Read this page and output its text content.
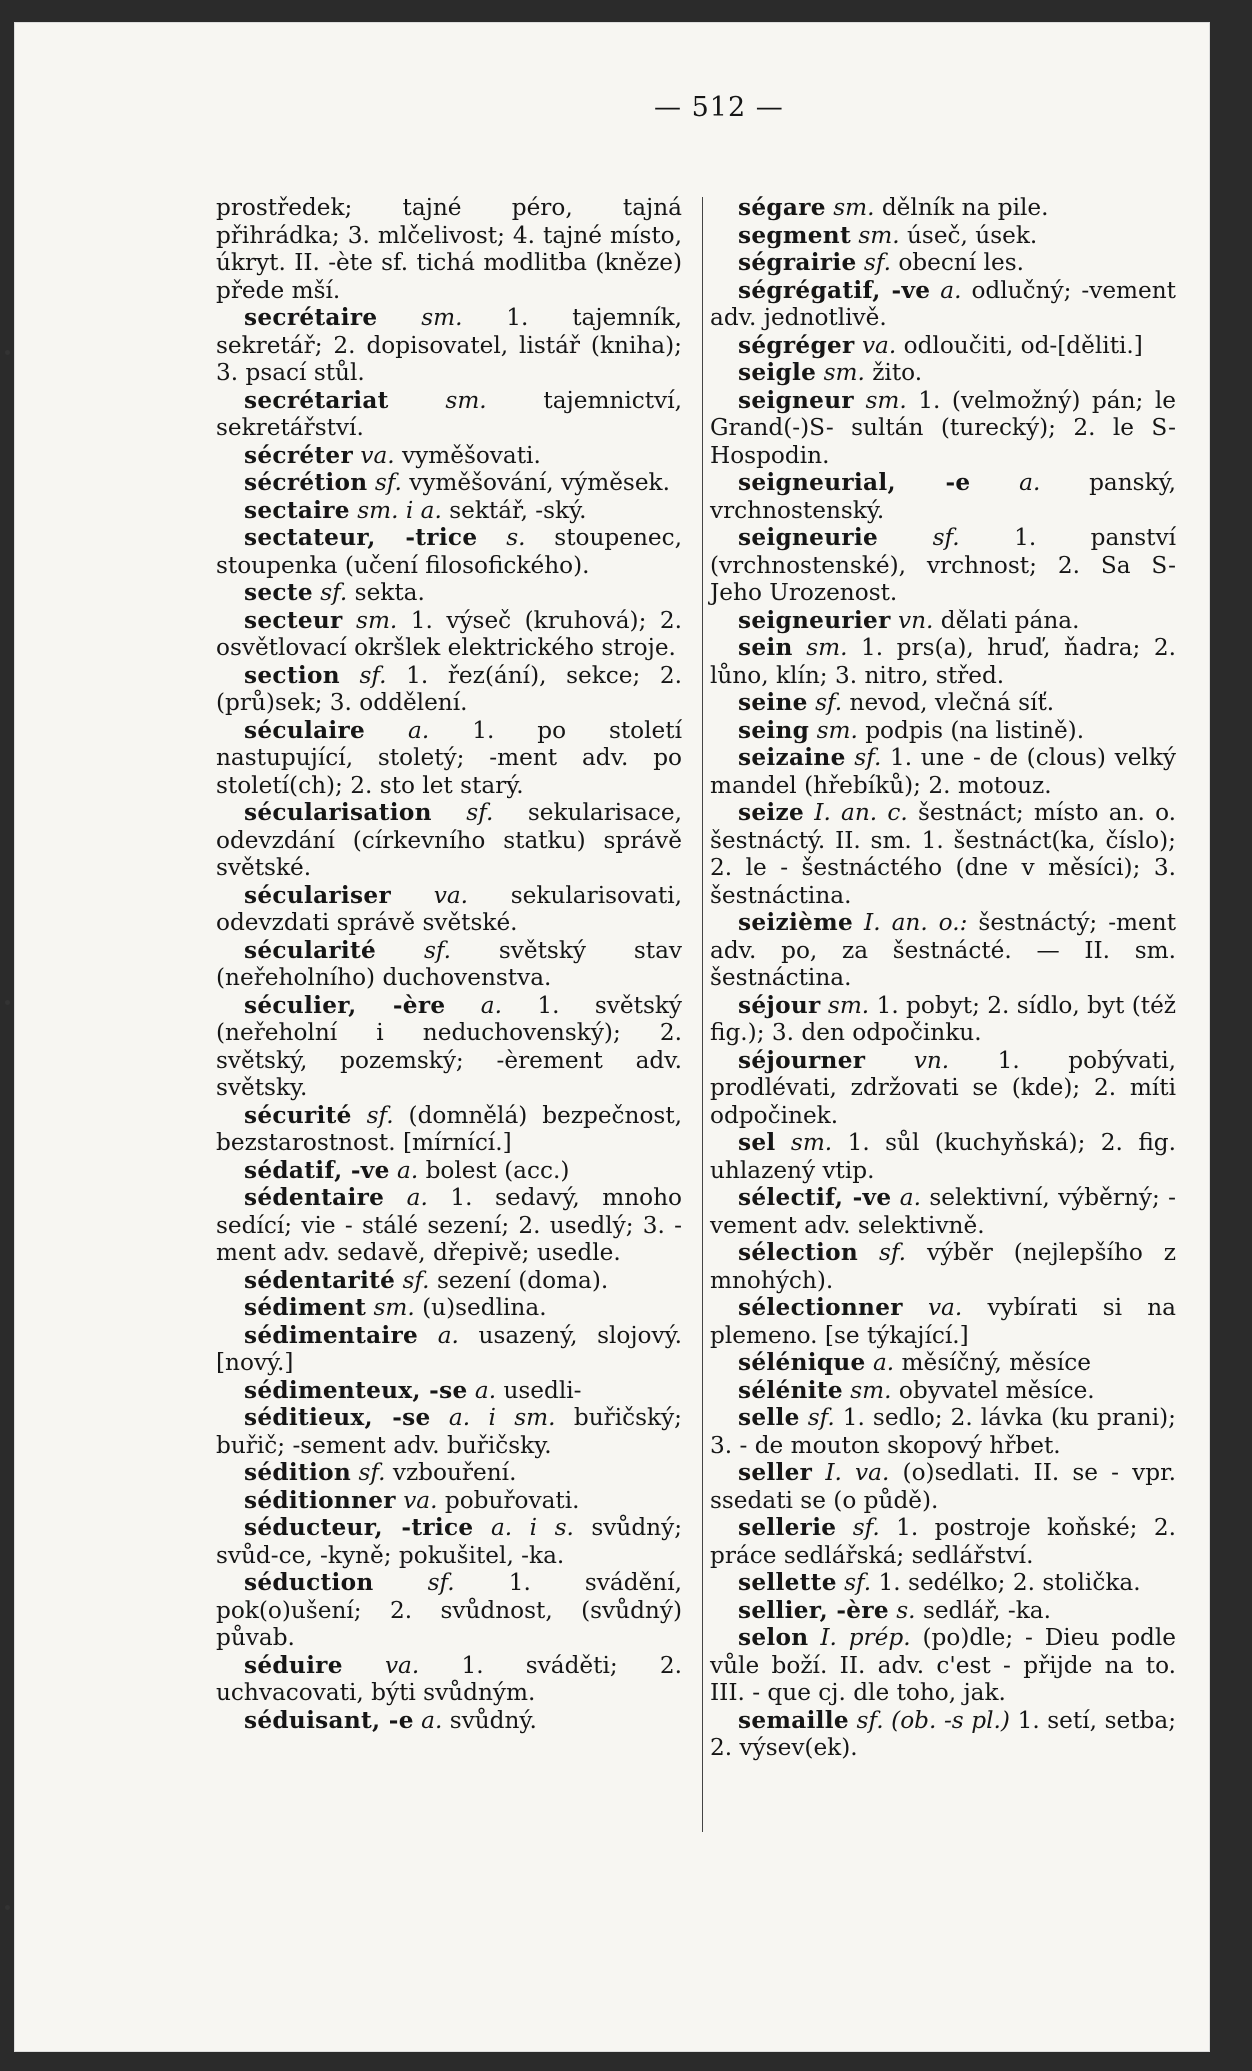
— 512 —

prostředek; tajné péro, tajná přihrádka; 3. mlčelivost; 4. tajné místo, úkryt. II. -ète sf. tichá modlitba (kněze) přede mší.

secrétaire sm. 1. tajemník, sekretář; 2. dopisovatel, listář (kniha); 3. psací stůl.

secrétariat sm. tajemnictví, sekretářství.

sécréter va. vyměšovati.

sécrétion sf. vyměšování, výměsek.

sectaire sm. i a. sektář, -ský.

sectateur, -trice s. stoupenec, stoupenka (učení filosofického).

secte sf. sekta.

secteur sm. 1. výseč (kruhová); 2. osvětlovací okršlek elektrického stroje.

section sf. 1. řez(ání), sekce; 2. (prů)sek; 3. oddělení.

séculaire a. 1. po století nastupující, stoletý; -ment adv. po století(ch); 2. sto let starý.

sécularisation sf. sekularisace, odevzdání (církevního statku) správě světské.

séculariser va. sekularisovati, odevzdati správě světské.

sécularité sf. světský stav (neřeholního) duchovenstva.

séculier, -ère a. 1. světský (neřeholní i neduchovenský); 2. světský, pozemský; -èrement adv. světsky.

sécurité sf. (domnělá) bezpečnost, bezstarostnost. [mírnící.]

sédatif, -ve a. bolest (acc.)

sédentaire a. 1. sedavý, mnoho sedící; vie - stálé sezení; 2. usedlý; 3. -ment adv. sedavě, dřepivě; usedle.

sédentarité sf. sezení (doma).

sédiment sm. (u)sedlina.

sédimentaire a. usazený, slojový. [nový.]

sédimenteux, -se a. usedli-

séditieux, -se a. i sm. buřičský; buřič; -sement adv. buřičsky.

sédition sf. vzbouření.

séditionner va. pobuřovati.

séducteur, -trice a. i s. svůdný; svůd-ce, -kyně; pokušitel, -ka.

séduction sf. 1. svádění, pok(o)ušení; 2. svůdnost, (svůdný) půvab.

séduire va. 1. sváděti; 2. uchvacovati, býti svůdným.

séduisant, -e a. svůdný.

ségare sm. dělník na pile.

segment sm. úseč, úsek.

ségrairie sf. obecní les.

ségrégatif, -ve a. odlučný; -vement adv. jednotlivě.

ségréger va. odloučiti, od-[děliti.]

seigle sm. žito.

seigneur sm. 1. (velmožný) pán; le Grand(-)S- sultán (turecký); 2. le S- Hospodin.

seigneurial, -e a. panský, vrchnostenský.

seigneurie sf. 1. panství (vrchnostenské), vrchnost; 2. Sa S- Jeho Urozenost.

seigneurier vn. dělati pána.

sein sm. 1. prs(a), hruď, ňadra; 2. lůno, klín; 3. nitro, střed.

seine sf. nevod, vlečná síť.

seing sm. podpis (na listině).

seizaine sf. 1. une - de (clous) velký mandel (hřebíků); 2. motouz.

seize I. an. c. šestnáct; místo an. o. šestnáctý. II. sm. 1. šestnáct(ka, číslo); 2. le - šestnáctého (dne v měsíci); 3. šestnáctina.

seizième I. an. o.: šestnáctý; -ment adv. po, za šestnácté. — II. sm. šestnáctina.

séjour sm. 1. pobyt; 2. sídlo, byt (též fig.); 3. den odpočinku.

séjourner vn. 1. pobývati, prodlévati, zdržovati se (kde); 2. míti odpočinek.

sel sm. 1. sůl (kuchyňská); 2. fig. uhlazený vtip.

sélectif, -ve a. selektivní, výběrný; -vement adv. selektivně.

sélection sf. výběr (nejlepšího z mnohých).

sélectionner va. vybírati si na plemeno. [se týkající.]

sélénique a. měsíčný, měsíce

sélénite sm. obyvatel měsíce.

selle sf. 1. sedlo; 2. lávka (ku prani); 3. - de mouton skopový hřbet.

seller I. va. (o)sedlati. II. se - vpr. ssedati se (o půdě).

sellerie sf. 1. postroje koňské; 2. práce sedlářská; sedlářství.

sellette sf. 1. sedélko; 2. stolička.

sellier, -ère s. sedlář, -ka.

selon I. prép. (po)dle; - Dieu podle vůle boží. II. adv. c'est - přijde na to. III. - que cj. dle toho, jak.

semaille sf. (ob. -s pl.) 1. setí, setba; 2. výsev(ek).
